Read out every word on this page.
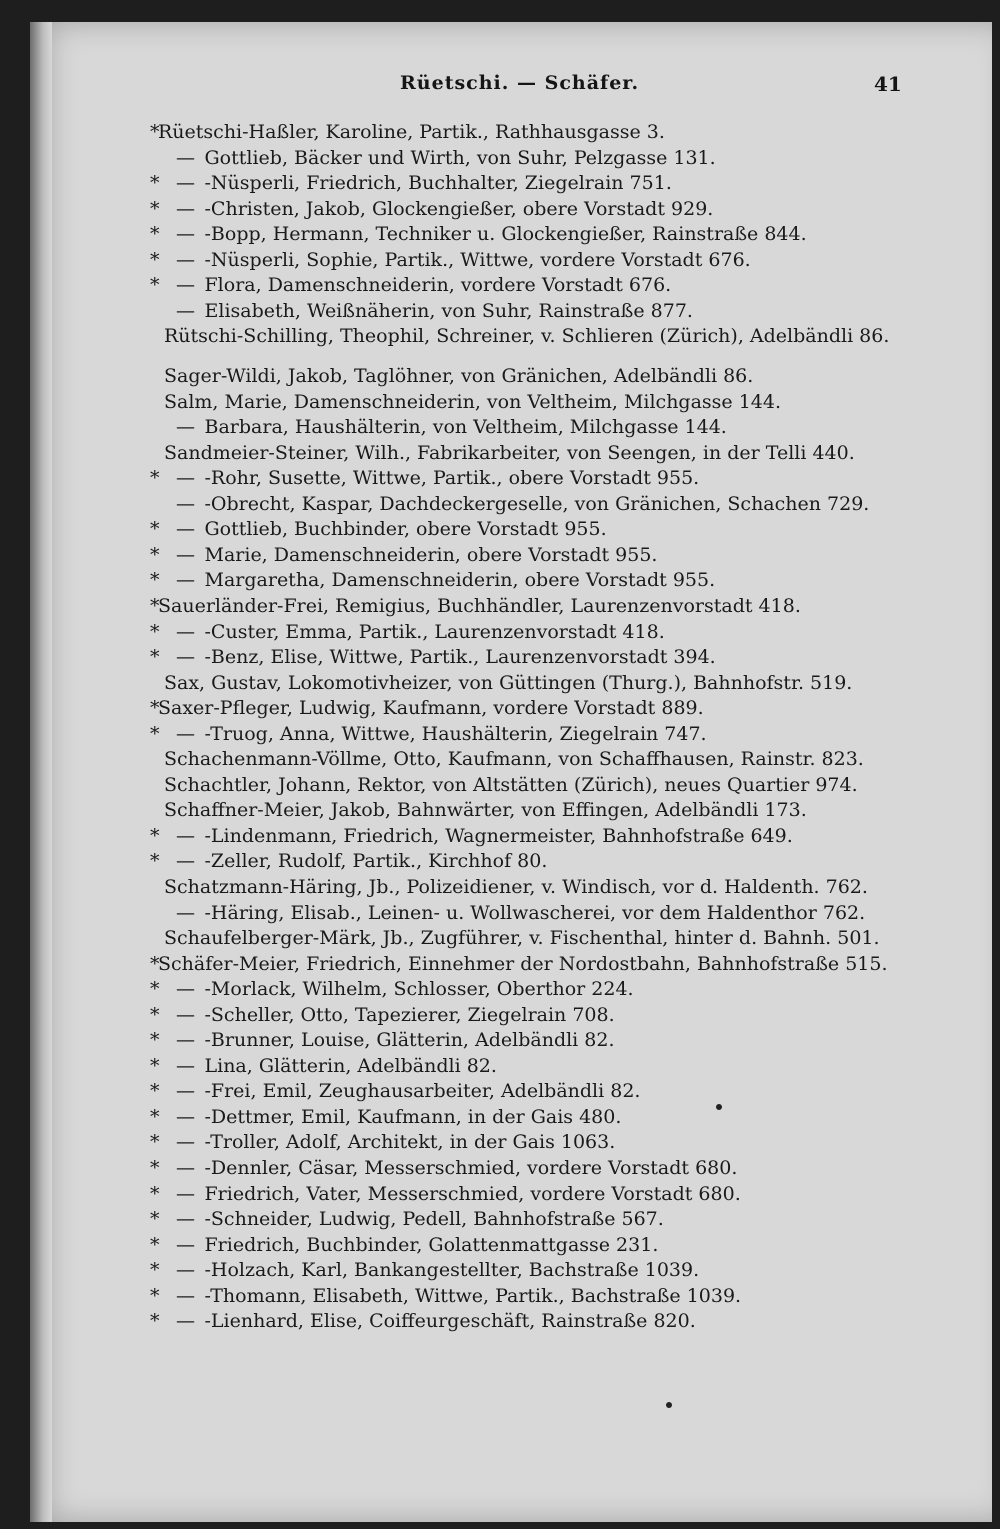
Rüetschi. — Schäfer.	41
*
Rüetschi-Haßler, Karoline, Partik., Rathhausgasse 3.
—  Gottlieb, Bäcker und Wirth, von Suhr, Pelzgasse 131.
* —  -Nüsperli, Friedrich, Buchhalter, Ziegelrain 751.
* —  -Christen, Jakob, Glockengießer, obere Vorstadt 929.
* —  -Bopp, Hermann, Techniker u. Glockengießer, Rainstraße 844.
* —  -Nüsperli, Sophie, Partik., Wittwe, vordere Vorstadt 676.
* —  Flora, Damenschneiderin, vordere Vorstadt 676.
—  Elisabeth, Weißnäherin, von Suhr, Rainstraße 877.
Rütschi-Schilling, Theophil, Schreiner, v. Schlieren (Zürich), Adelbändli 86.
Sager-Wildi, Jakob, Taglöhner, von Gränichen, Adelbändli 86.
Salm, Marie, Damenschneiderin, von Veltheim, Milchgasse 144.
—  Barbara, Haushälterin, von Veltheim, Milchgasse 144.
Sandmeier-Steiner, Wilh., Fabrikarbeiter, von Seengen, in der Telli 440.
* —  -Rohr, Susette, Wittwe, Partik., obere Vorstadt 955.
—  -Obrecht, Kaspar, Dachdeckergeselle, von Gränichen, Schachen 729.
* —  Gottlieb, Buchbinder, obere Vorstadt 955.
* —  Marie, Damenschneiderin, obere Vorstadt 955.
* —  Margaretha, Damenschneiderin, obere Vorstadt 955.
*
Sauerländer-Frei, Remigius, Buchhändler, Laurenzenvorstadt 418.
* —  -Custer, Emma, Partik., Laurenzenvorstadt 418.
* —  -Benz, Elise, Wittwe, Partik., Laurenzenvorstadt 394.
Sax, Gustav, Lokomotivheizer, von Güttingen (Thurg.), Bahnhofstr. 519.
*
Saxer-Pfleger, Ludwig, Kaufmann, vordere Vorstadt 889.
* —  -Truog, Anna, Wittwe, Haushälterin, Ziegelrain 747.
Schachenmann-Völlme, Otto, Kaufmann, von Schaffhausen, Rainstr. 823.
Schachtler, Johann, Rektor, von Altstätten (Zürich), neues Quartier 974.
Schaffner-Meier, Jakob, Bahnwärter, von Effingen, Adelbändli 173.
* —  -Lindenmann, Friedrich, Wagnermeister, Bahnhofstraße 649.
* —  -Zeller, Rudolf, Partik., Kirchhof 80.
Schatzmann-Häring, Jb., Polizeidiener, v. Windisch, vor d. Haldenth. 762.
—  -Häring, Elisab., Leinen- u. Wollwascherei, vor dem Haldenthor 762.
Schaufelberger-Märk, Jb., Zugführer, v. Fischenthal, hinter d. Bahnh. 501.
*
Schäfer-Meier, Friedrich, Einnehmer der Nordostbahn, Bahnhofstraße 515.
* —  -Morlack, Wilhelm, Schlosser, Oberthor 224.
* —  -Scheller, Otto, Tapezierer, Ziegelrain 708.
* —  -Brunner, Louise, Glätterin, Adelbändli 82.
* —  Lina, Glätterin, Adelbändli 82.
* —  -Frei, Emil, Zeughausarbeiter, Adelbändli 82.
* —  -Dettmer, Emil, Kaufmann, in der Gais 480.
* —  -Troller, Adolf, Architekt, in der Gais 1063.
* —  -Dennler, Cäsar, Messerschmied, vordere Vorstadt 680.
* —  Friedrich, Vater, Messerschmied, vordere Vorstadt 680.
* —  -Schneider, Ludwig, Pedell, Bahnhofstraße 567.
* —  Friedrich, Buchbinder, Golattenmattgasse 231.
* —  -Holzach, Karl, Bankangestellter, Bachstraße 1039.
* —  -Thomann, Elisabeth, Wittwe, Partik., Bachstraße 1039.
* —  -Lienhard, Elise, Coiffeurgeschäft, Rainstraße 820.
